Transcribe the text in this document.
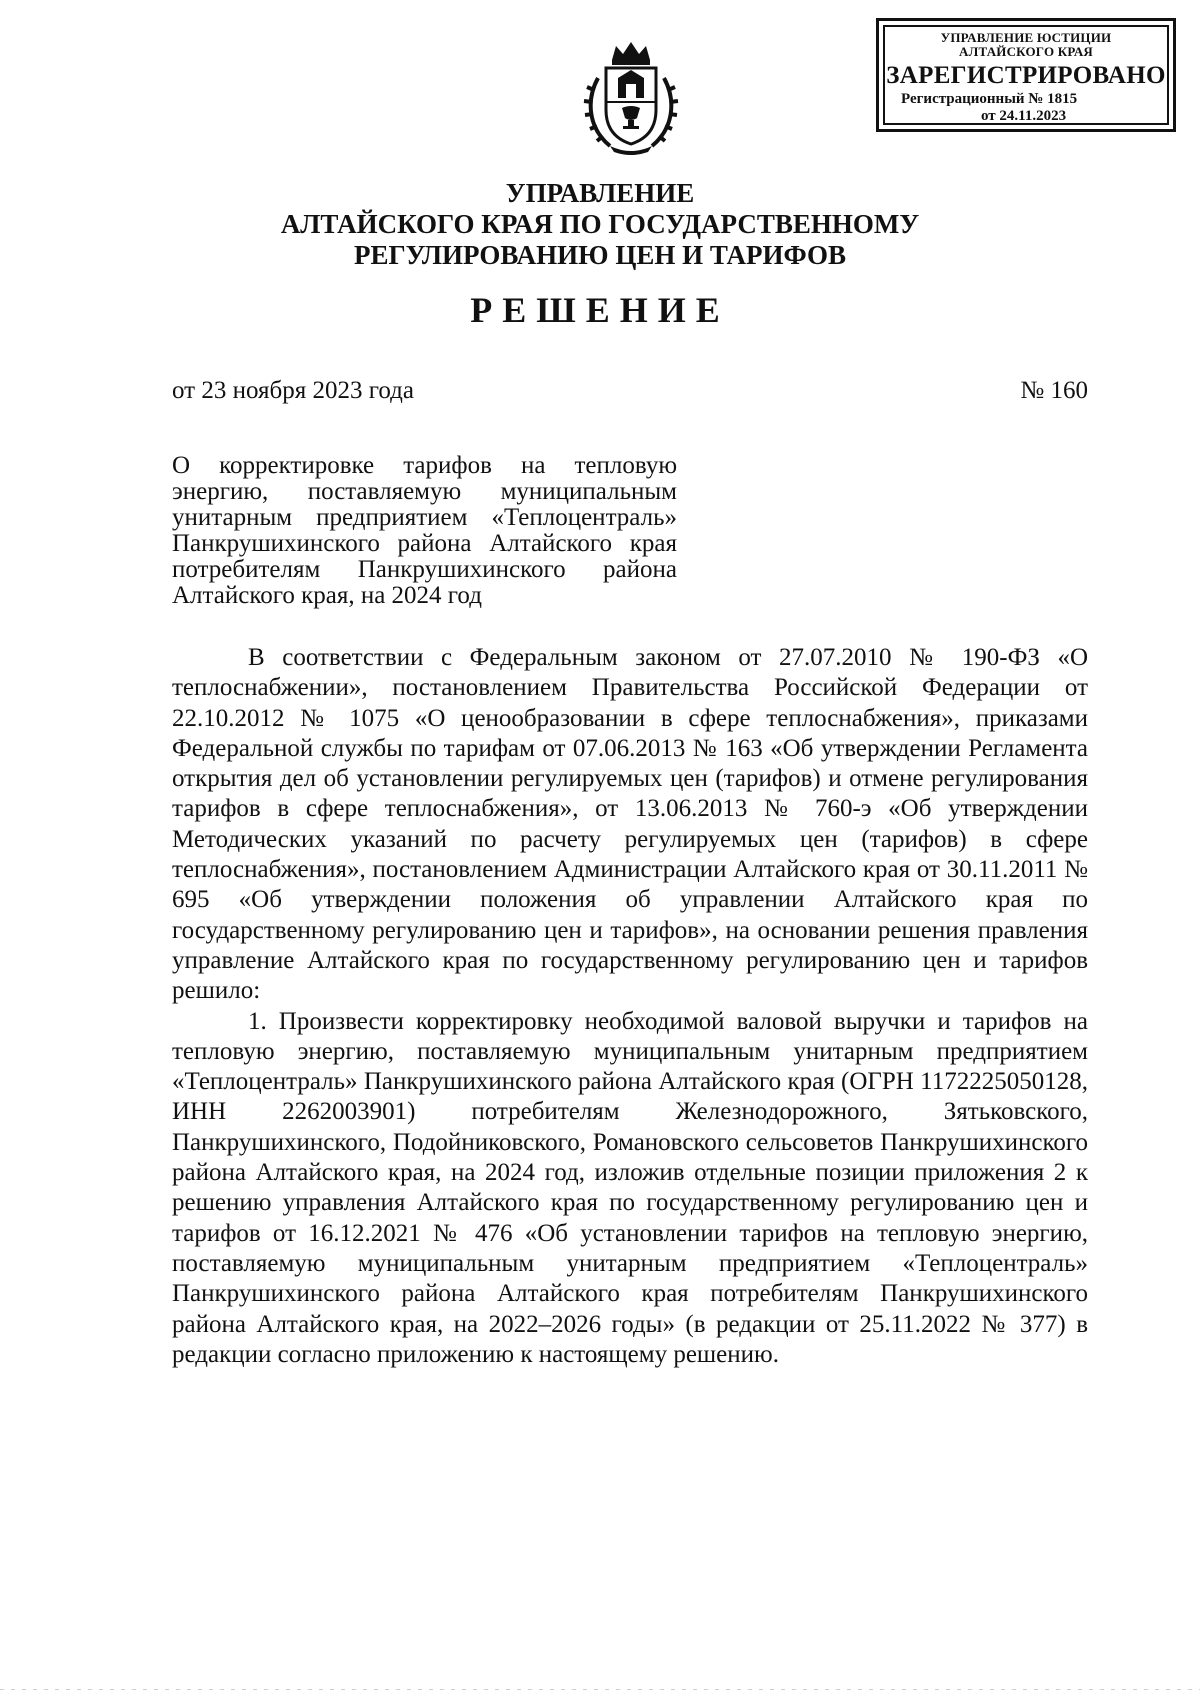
УПРАВЛЕНИЕ ЮСТИЦИИ
АЛТАЙСКОГО КРАЯ
ЗАРЕГИСТРИРОВАНО
Регистрационный № 1815
от 24.11.2023
УПРАВЛЕНИЕ
АЛТАЙСКОГО КРАЯ ПО ГОСУДАРСТВЕННОМУ
РЕГУЛИРОВАНИЮ ЦЕН И ТАРИФОВ
РЕШЕНИЕ
от 23 ноября 2023 года	№ 160
О корректировке тарифов на тепловую энергию, поставляемую муниципальным унитарным предприятием «Теплоцентраль» Панкрушихинского района Алтайского края потребителям Панкрушихинского района Алтайского края, на 2024 год

В соответствии с Федеральным законом от 27.07.2010 № 190-ФЗ «О теплоснабжении», постановлением Правительства Российской Федерации от 22.10.2012 № 1075 «О ценообразовании в сфере теплоснабжения», приказами Федеральной службы по тарифам от 07.06.2013 № 163 «Об утверждении Регламента открытия дел об установлении регулируемых цен (тарифов) и отмене регулирования тарифов в сфере теплоснабжения», от 13.06.2013 № 760-э «Об утверждении Методических указаний по расчету регулируемых цен (тарифов) в сфере теплоснабжения», постановлением Администрации Алтайского края от 30.11.2011 № 695 «Об утверждении положения об управлении Алтайского края по государственному регулированию цен и тарифов», на основании решения правления управление Алтайского края по государственному регулированию цен и тарифов решило:

1. Произвести корректировку необходимой валовой выручки и тарифов на тепловую энергию, поставляемую муниципальным унитарным предприятием «Теплоцентраль» Панкрушихинского района Алтайского края (ОГРН 1172225050128, ИНН 2262003901) потребителям Железнодорожного, Зятьковского, Панкрушихинского, Подойниковского, Романовского сельсоветов Панкрушихинского района Алтайского края, на 2024 год, изложив отдельные позиции приложения 2 к решению управления Алтайского края по государственному регулированию цен и тарифов от 16.12.2021 № 476 «Об установлении тарифов на тепловую энергию, поставляемую муниципальным унитарным предприятием «Теплоцентраль» Панкрушихинского района Алтайского края потребителям Панкрушихинского района Алтайского края, на 2022–2026 годы» (в редакции от 25.11.2022 № 377) в редакции согласно приложению к настоящему решению.
